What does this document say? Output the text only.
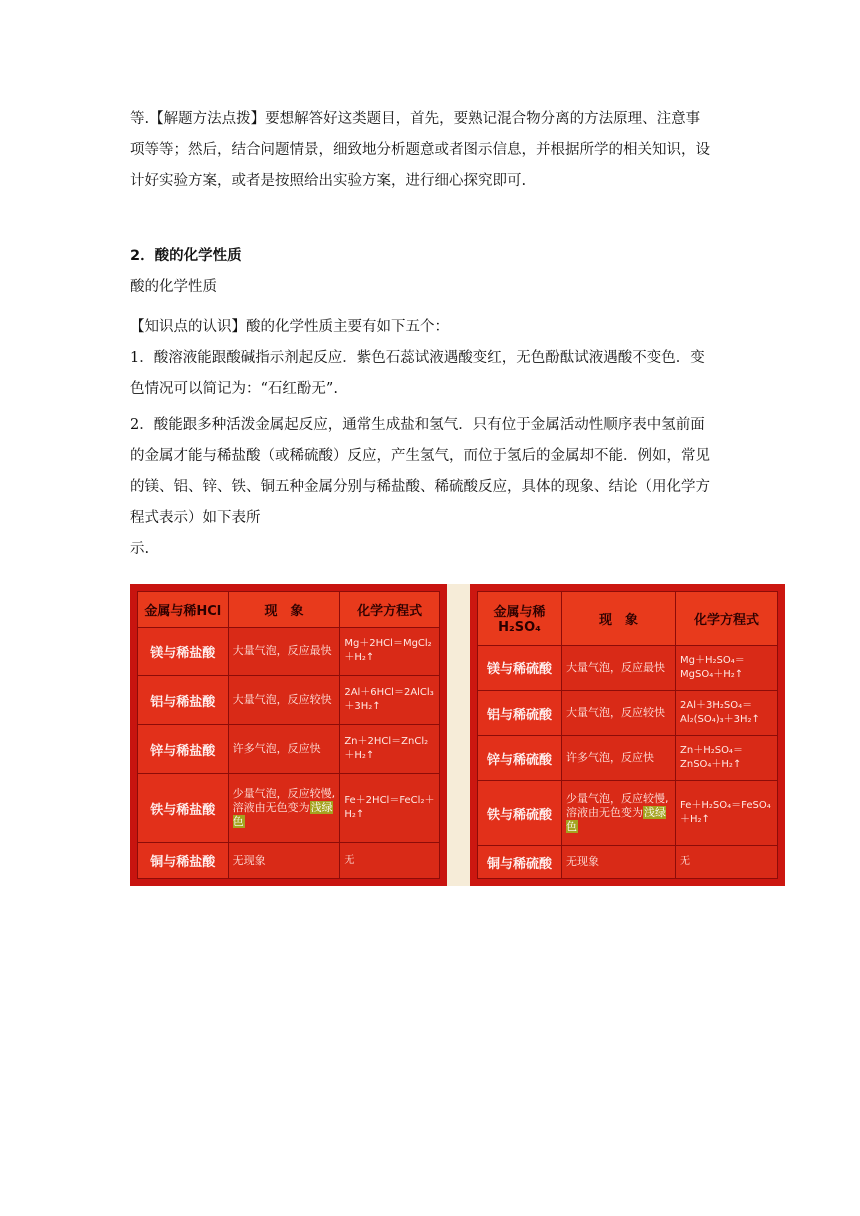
等.【解题方法点拨】要想解答好这类题目，首先，要熟记混合物分离的方法原理、注意事
项等等；然后，结合问题情景，细致地分析题意或者图示信息，并根据所学的相关知识，设
计好实验方案，或者是按照给出实验方案，进行细心探究即可.

2．酸的化学性质

酸的化学性质

【知识点的认识】酸的化学性质主要有如下五个：

1．酸溶液能跟酸碱指示剂起反应．紫色石蕊试液遇酸变红，无色酚酞试液遇酸不变色．变
色情况可以简记为：“石红酚无”.

2．酸能跟多种活泼金属起反应，通常生成盐和氢气．只有位于金属活动性顺序表中氢前面
的金属才能与稀盐酸（或稀硫酸）反应，产生氢气，而位于氢后的金属却不能．例如，常见
的镁、铝、锌、铁、铜五种金属分别与稀盐酸、稀硫酸反应，具体的现象、结论（用化学方
程式表示）如下表所
示.

金属与稀HCl	现　象	化学方程式
镁与稀盐酸	大量气泡，反应最快	Mg＋2HCl＝MgCl₂＋H₂↑
铝与稀盐酸	大量气泡，反应较快	2Al＋6HCl＝2AlCl₃＋3H₂↑
锌与稀盐酸	许多气泡，反应快	Zn＋2HCl＝ZnCl₂＋H₂↑
铁与稀盐酸	少量气泡，反应较慢,溶液由无色变为浅绿色	Fe＋2HCl＝FeCl₂＋H₂↑
铜与稀盐酸	无现象	无
金属与稀H₂SO₄	现　象	化学方程式
镁与稀硫酸	大量气泡，反应最快	Mg＋H₂SO₄＝MgSO₄＋H₂↑
铝与稀硫酸	大量气泡，反应较快	2Al＋3H₂SO₄＝Al₂(SO₄)₃＋3H₂↑
锌与稀硫酸	许多气泡，反应快	Zn＋H₂SO₄＝ZnSO₄＋H₂↑
铁与稀硫酸	少量气泡，反应较慢,溶液由无色变为浅绿色	Fe＋H₂SO₄＝FeSO₄＋H₂↑
铜与稀硫酸	无现象	无
